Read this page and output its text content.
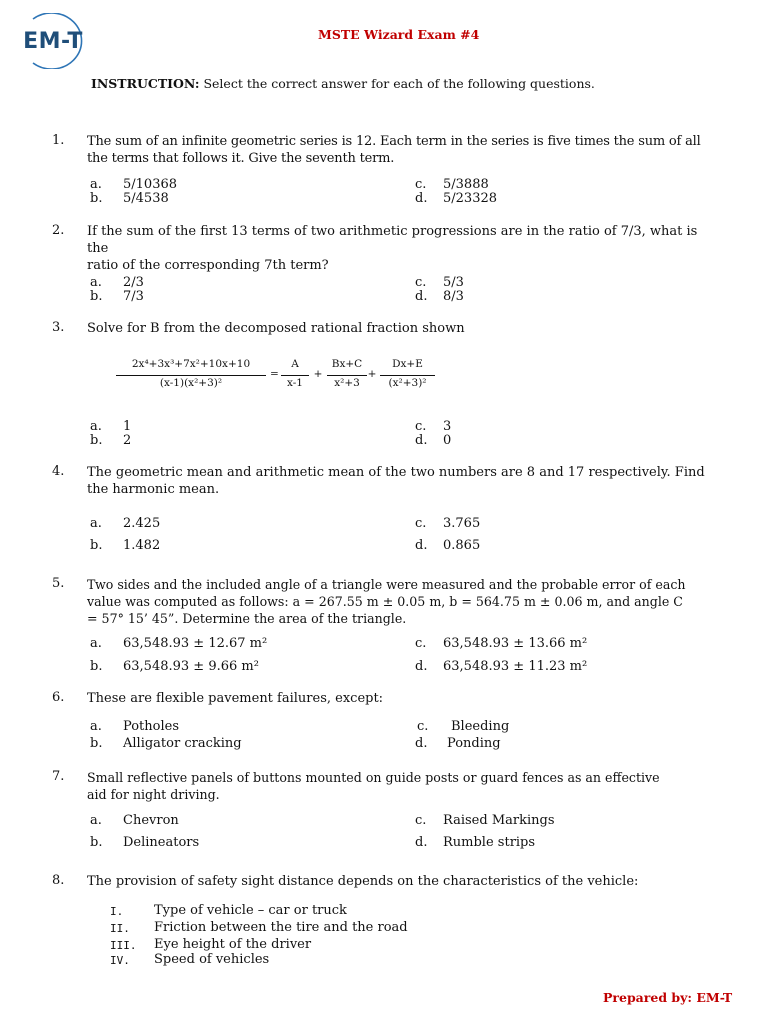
EM-T	MSTE Wizard Exam #4
INSTRUCTION: Select the correct answer for each of the following questions.
1.	The sum of an infinite geometric series is 12. Each term in the series is five times the sum of all
the terms that follows it. Give the seventh term.
a. 5/10368
b. 5/4538
c. 5/3888
d. 5/23328
2.	If the sum of the first 13 terms of two arithmetic progressions are in the ratio of 7/3, what is the
ratio of the corresponding 7th term?
a. 2/3
b. 7/3
c. 5/3
d. 8/3
3.	Solve for B from the decomposed rational fraction shown
2x⁴+3x³+7x²+10x+10
(x-1)(x²+3)²
=
A
x-1
+
Bx+C
x²+3
+
Dx+E
(x²+3)²
a. 1
b. 2
c. 3
d. 0
4.	The geometric mean and arithmetic mean of the two numbers are 8 and 17 respectively. Find
the harmonic mean.
a. 2.425
b. 1.482
c. 3.765
d. 0.865
5.	Two sides and the included angle of a triangle were measured and the probable error of each
value was computed as follows: a = 267.55 m ± 0.05 m, b = 564.75 m ± 0.06 m, and angle C
= 57° 15’ 45”. Determine the area of the triangle.
a. 63,548.93 ± 12.67 m²
b. 63,548.93 ± 9.66 m²
c. 63,548.93 ± 13.66 m²
d. 63,548.93 ± 11.23 m²
6.	These are flexible pavement failures, except:
a. Potholes
b. Alligator cracking
c. Bleeding
d. Ponding
7.	Small reflective panels of buttons mounted on guide posts or guard fences as an effective
aid for night driving.
a. Chevron
b. Delineators
c. Raised Markings
d. Rumble strips
8.	The provision of safety sight distance depends on the characteristics of the vehicle:
I. Type of vehicle – car or truck
II. Friction between the tire and the road
III. Eye height of the driver
IV. Speed of vehicles
Prepared by: EM-T
